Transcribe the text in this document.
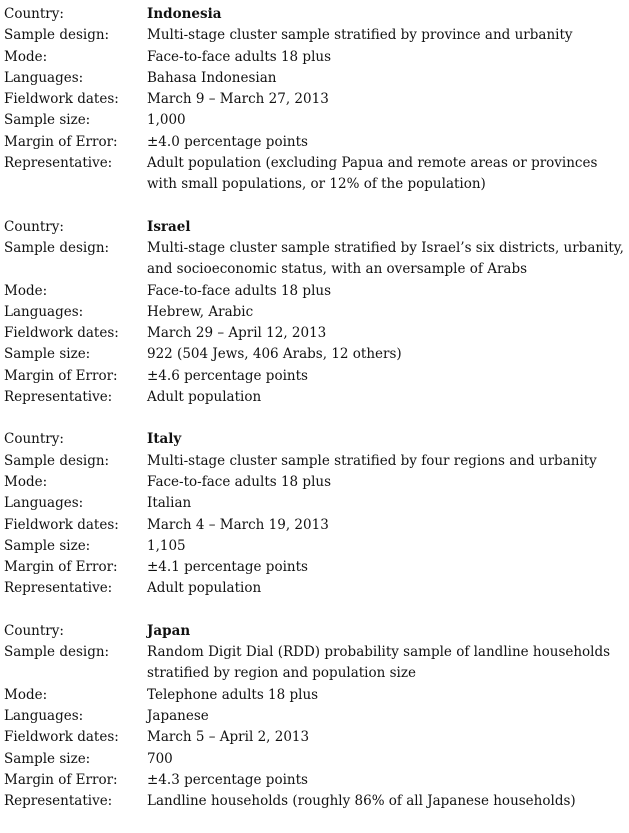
Country:	Indonesia
Sample design:	Multi-stage cluster sample stratified by province and urbanity
Mode:	Face-to-face adults 18 plus
Languages:	Bahasa Indonesian
Fieldwork dates:	March 9 – March 27, 2013
Sample size:	1,000
Margin of Error:	±4.0 percentage points
Representative:	Adult population (excluding Papua and remote areas or provinces with small populations, or 12% of the population)
Country:	Israel
Sample design:	Multi-stage cluster sample stratified by Israel’s six districts, urbanity, and socioeconomic status, with an oversample of Arabs
Mode:	Face-to-face adults 18 plus
Languages:	Hebrew, Arabic
Fieldwork dates:	March 29 – April 12, 2013
Sample size:	922 (504 Jews, 406 Arabs, 12 others)
Margin of Error:	±4.6 percentage points
Representative:	Adult population
Country:	Italy
Sample design:	Multi-stage cluster sample stratified by four regions and urbanity
Mode:	Face-to-face adults 18 plus
Languages:	Italian
Fieldwork dates:	March 4 – March 19, 2013
Sample size:	1,105
Margin of Error:	±4.1 percentage points
Representative:	Adult population
Country:	Japan
Sample design:	Random Digit Dial (RDD) probability sample of landline households stratified by region and population size
Mode:	Telephone adults 18 plus
Languages:	Japanese
Fieldwork dates:	March 5 – April 2, 2013
Sample size:	700
Margin of Error:	±4.3 percentage points
Representative:	Landline households (roughly 86% of all Japanese households)
